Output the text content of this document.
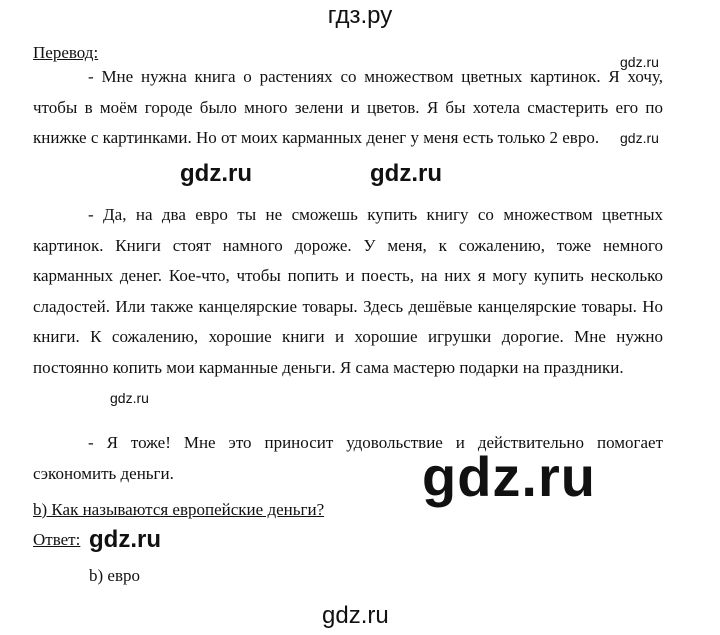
гдз.ру
Перевод:

- Мне нужна книга о растениях со множеством цветных картинок. Я хочу, чтобы в моём городе было много зелени и цветов. Я бы хотела смастерить его по книжке с картинками. Но от моих карманных денег у меня есть только 2 евро.

- Да, на два евро ты не сможешь купить книгу со множеством цветных картинок. Книги стоят намного дороже. У меня, к сожалению, тоже немного карманных денег. Кое-что, чтобы попить и поесть, на них я могу купить несколько сладостей. Или также канцелярские товары. Здесь дешёвые канцелярские товары. Но книги. К сожалению, хорошие книги и хорошие игрушки дорогие. Мне нужно постоянно копить мои карманные деньги. Я сама мастерю подарки на праздники.

- Я тоже! Мне это приносит удовольствие и действительно помогает сэкономить деньги.

b) Как называются европейские деньги?
Ответ:
b) евро
gdz.ru
gdz.ru
gdz.ru	gdz.ru
gdz.ru
gdz.ru
gdz.ru
gdz.ru
